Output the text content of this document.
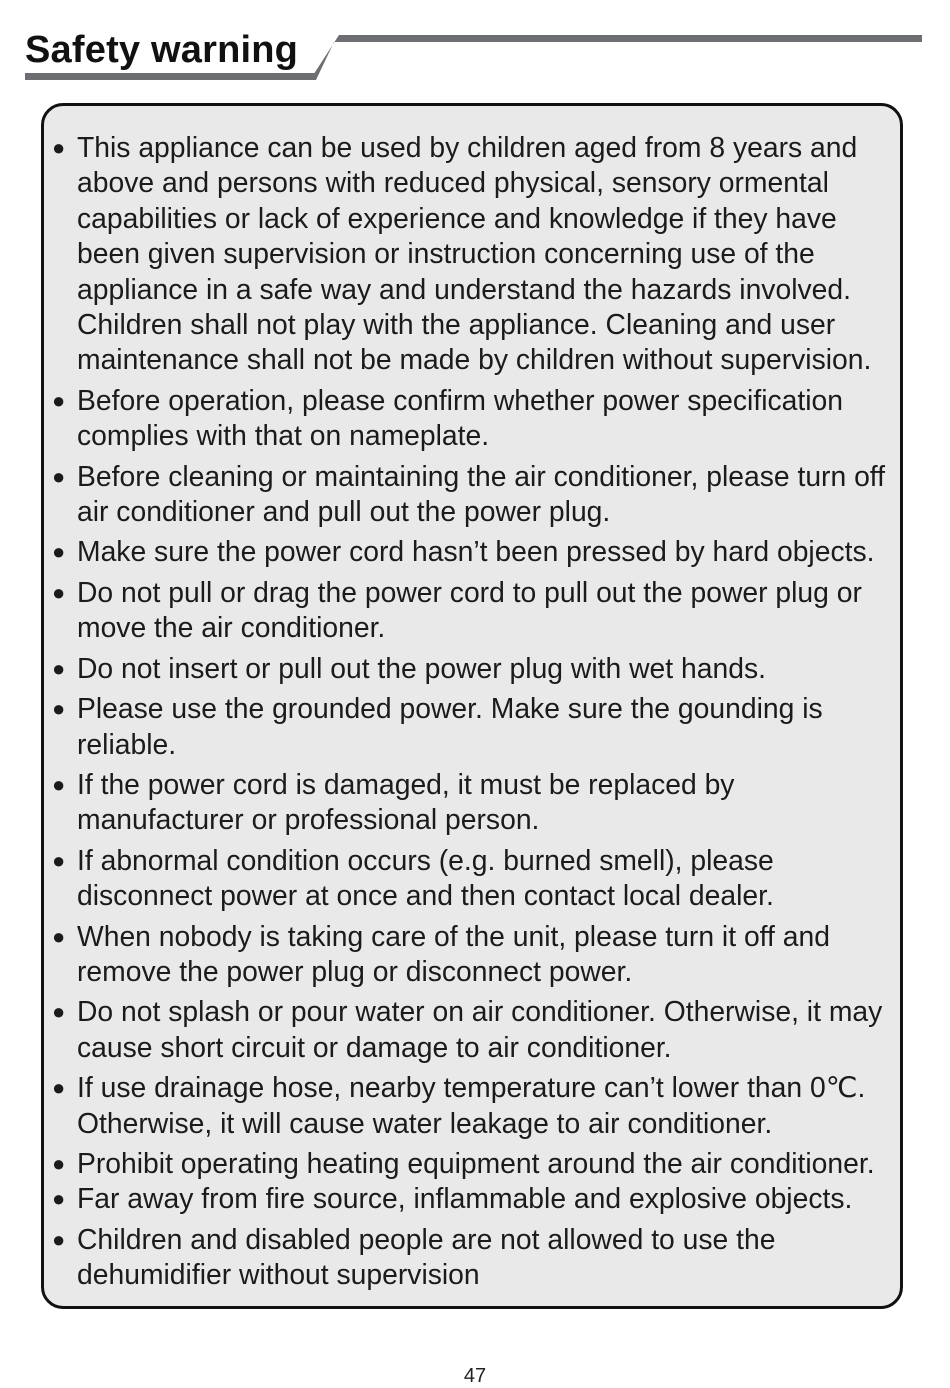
Safety warning
● This appliance can be used by children aged from 8 years and above and persons with reduced physical, sensory ormental capabilities or lack of experience and knowledge if they have been given supervision or instruction concerning use of the appliance in a safe way and understand the hazards involved. Children shall not play with the appliance. Cleaning and user maintenance shall not be made by children without supervision.
● Before operation, please confirm whether power specification complies with that on nameplate.
● Before cleaning or maintaining the air conditioner, please turn off air conditioner and pull out the power plug.
● Make sure the power cord hasn’t been pressed by hard objects.
● Do not pull or drag the power cord to pull out the power plug or move the air conditioner.
● Do not insert or pull out the power plug with wet hands.
● Please use the grounded power. Make sure the gounding is reliable.
● If the power cord is damaged, it must be replaced by manufacturer or professional person.
● If abnormal condition occurs (e.g. burned smell), please disconnect power at once and then contact local dealer.
● When nobody is taking care of the unit, please turn it off and remove the power plug or disconnect power.
● Do not splash or pour water on air conditioner. Otherwise, it may cause short circuit or damage to air conditioner.
● If use drainage hose, nearby temperature can’t lower than 0℃. Otherwise, it will cause water leakage to air conditioner.
● Prohibit operating heating equipment around the air conditioner.
● Far away from fire source, inflammable and explosive objects.
● Children and disabled people are not allowed to use the dehumidifier without supervision
47
